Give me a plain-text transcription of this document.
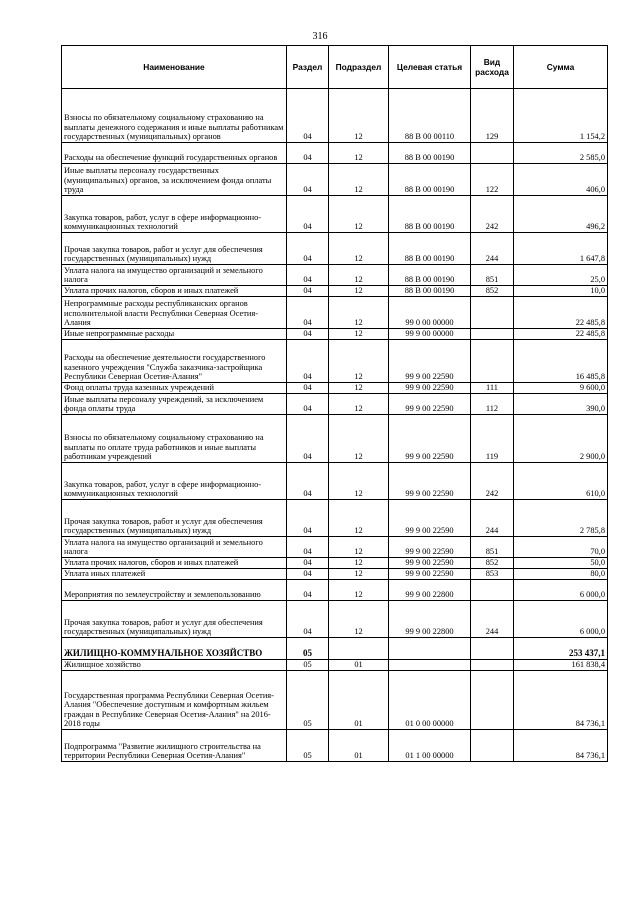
316
Наименование	Раздел	Подраздел	Целевая статья	Вид расхода	Сумма
Взносы по обязательному социальному страхованию на выплаты денежного содержания и иные выплаты работникам государственных (муниципальных) органов	04	12	88 В 00 00110	129	1 154,2
Расходы на обеспечение функций государственных органов	04	12	88 В 00 00190		2 585,0
Иные выплаты персоналу государственных (муниципальных) органов, за исключением фонда оплаты труда	04	12	88 В 00 00190	122	406,0
Закупка товаров, работ, услуг в сфере информационно-коммуникационных технологий	04	12	88 В 00 00190	242	496,2
Прочая закупка товаров, работ и услуг для обеспечения государственных (муниципальных) нужд	04	12	88 В 00 00190	244	1 647,8
Уплата налога на имущество организаций и земельного налога	04	12	88 В 00 00190	851	25,0
Уплата прочих налогов, сборов и иных платежей	04	12	88 В 00 00190	852	10,0
Непрограммные расходы республиканских органов исполнительной власти Республики Северная Осетия-Алания	04	12	99 0 00 00000		22 485,8
Иные непрограммные расходы	04	12	99 9 00 00000		22 485,8
Расходы на обеспечение деятельности государственного казенного учреждения "Служба заказчика-застройщика Республики Северная Осетия-Алания"	04	12	99 9 00 22590		16 485,8
Фонд оплаты труда казенных учреждений	04	12	99 9 00 22590	111	9 600,0
Иные выплаты персоналу учреждений, за исключением фонда оплаты труда	04	12	99 9 00 22590	112	390,0
Взносы по обязательному социальному страхованию на выплаты по оплате труда работников и иные выплаты работникам учреждений	04	12	99 9 00 22590	119	2 900,0
Закупка товаров, работ, услуг в сфере информационно-коммуникационных технологий	04	12	99 9 00 22590	242	610,0
Прочая закупка товаров, работ и услуг для обеспечения государственных (муниципальных) нужд	04	12	99 9 00 22590	244	2 785,8
Уплата налога на имущество организаций и земельного налога	04	12	99 9 00 22590	851	70,0
Уплата прочих налогов, сборов и иных платежей	04	12	99 9 00 22590	852	50,0
Уплата иных платежей	04	12	99 9 00 22590	853	80,0
Мероприятия по землеустройству и землепользованию	04	12	99 9 00 22800		6 000,0
Прочая закупка товаров, работ и услуг для обеспечения государственных (муниципальных) нужд	04	12	99 9 00 22800	244	6 000,0
ЖИЛИЩНО-КОММУНАЛЬНОЕ ХОЗЯЙСТВО	05				253 437,1
Жилищное хозяйство	05	01			161 838,4
Государственная программа Республики Северная Осетия-Алания "Обеспечение доступным и комфортным жильем граждан в Республике Северная Осетия-Алания" на 2016-2018 годы	05	01	01 0 00 00000		84 736,1
Подпрограмма "Развитие жилищного строительства на территории Республики Северная Осетия-Алания"	05	01	01 1 00 00000		84 736,1
